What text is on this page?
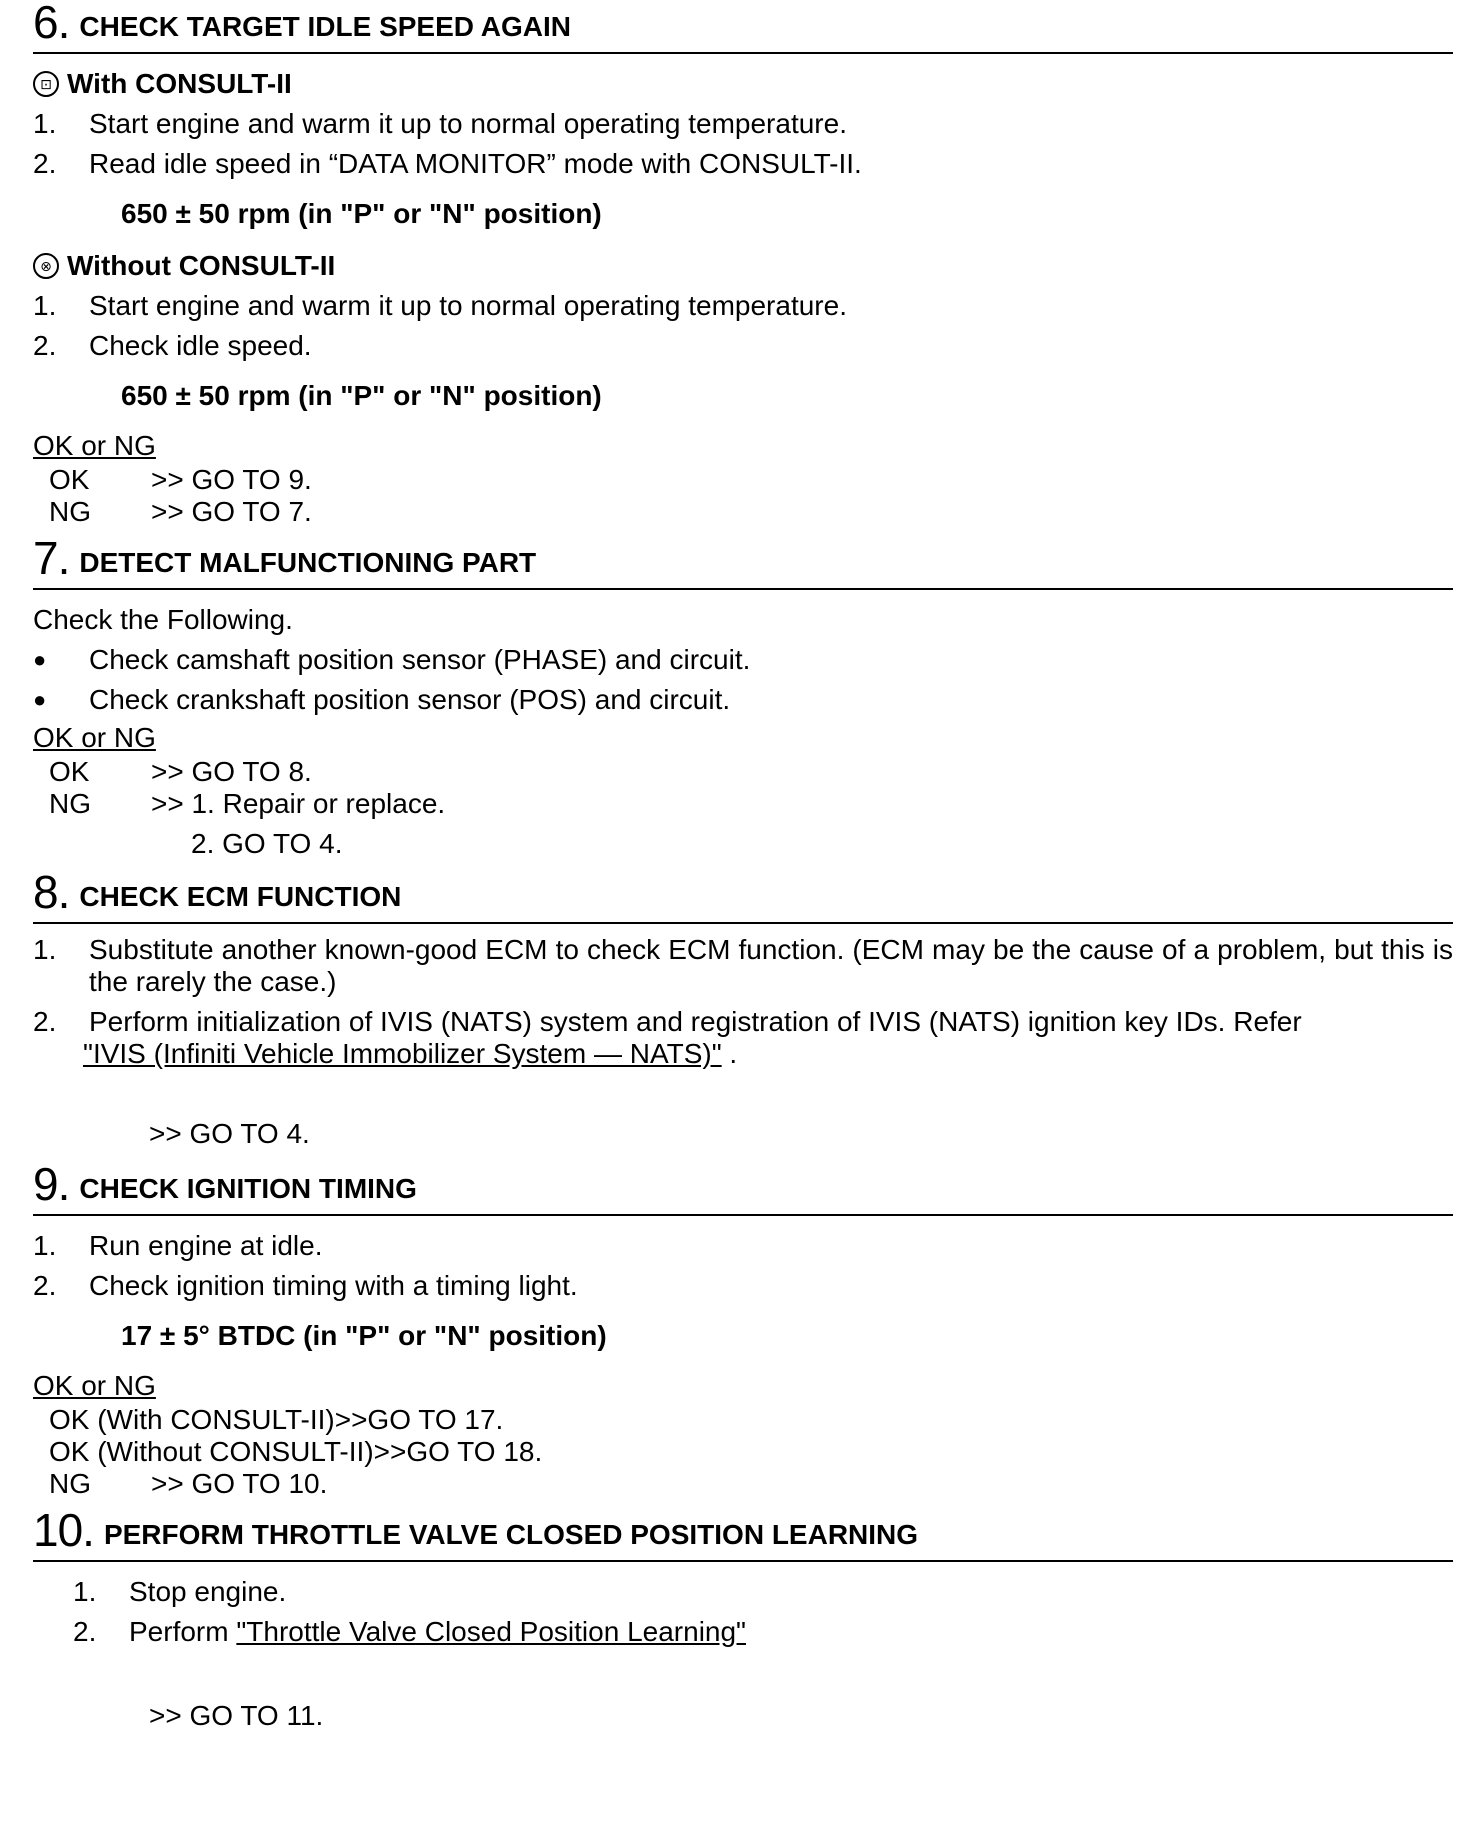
6. CHECK TARGET IDLE SPEED AGAIN
⊡ With CONSULT-II
1.	Start engine and warm it up to normal operating temperature.
2.	Read idle speed in “DATA MONITOR” mode with CONSULT-II.
650 ± 50 rpm (in "P" or "N" position)
⊗ Without CONSULT-II
1.	Start engine and warm it up to normal operating temperature.
2.	Check idle speed.
650 ± 50 rpm (in "P" or "N" position)
OK or NG
OK	>> GO TO 9.
NG	>> GO TO 7.
7. DETECT MALFUNCTIONING PART
Check the Following.
●	Check camshaft position sensor (PHASE) and circuit.
●	Check crankshaft position sensor (POS) and circuit.
OK or NG
OK	>> GO TO 8.
NG	>> 1. Repair or replace.
2. GO TO 4.
8. CHECK ECM FUNCTION
1.	Substitute another known-good ECM to check ECM function. (ECM may be the cause of a problem, but this is the rarely the case.)
2.	Perform initialization of IVIS (NATS) system and registration of IVIS (NATS) ignition key IDs. Refer
"IVIS (Infiniti Vehicle Immobilizer System — NATS)" .
>> GO TO 4.
9. CHECK IGNITION TIMING
1.	Run engine at idle.
2.	Check ignition timing with a timing light.
17 ± 5° BTDC (in "P" or "N" position)
OK or NG
OK (With CONSULT-II)>>GO TO 17.
OK (Without CONSULT-II)>>GO TO 18.
NG	>> GO TO 10.
10. PERFORM THROTTLE VALVE CLOSED POSITION LEARNING
1.	Stop engine.
2.	Perform "Throttle Valve Closed Position Learning"
>> GO TO 11.
